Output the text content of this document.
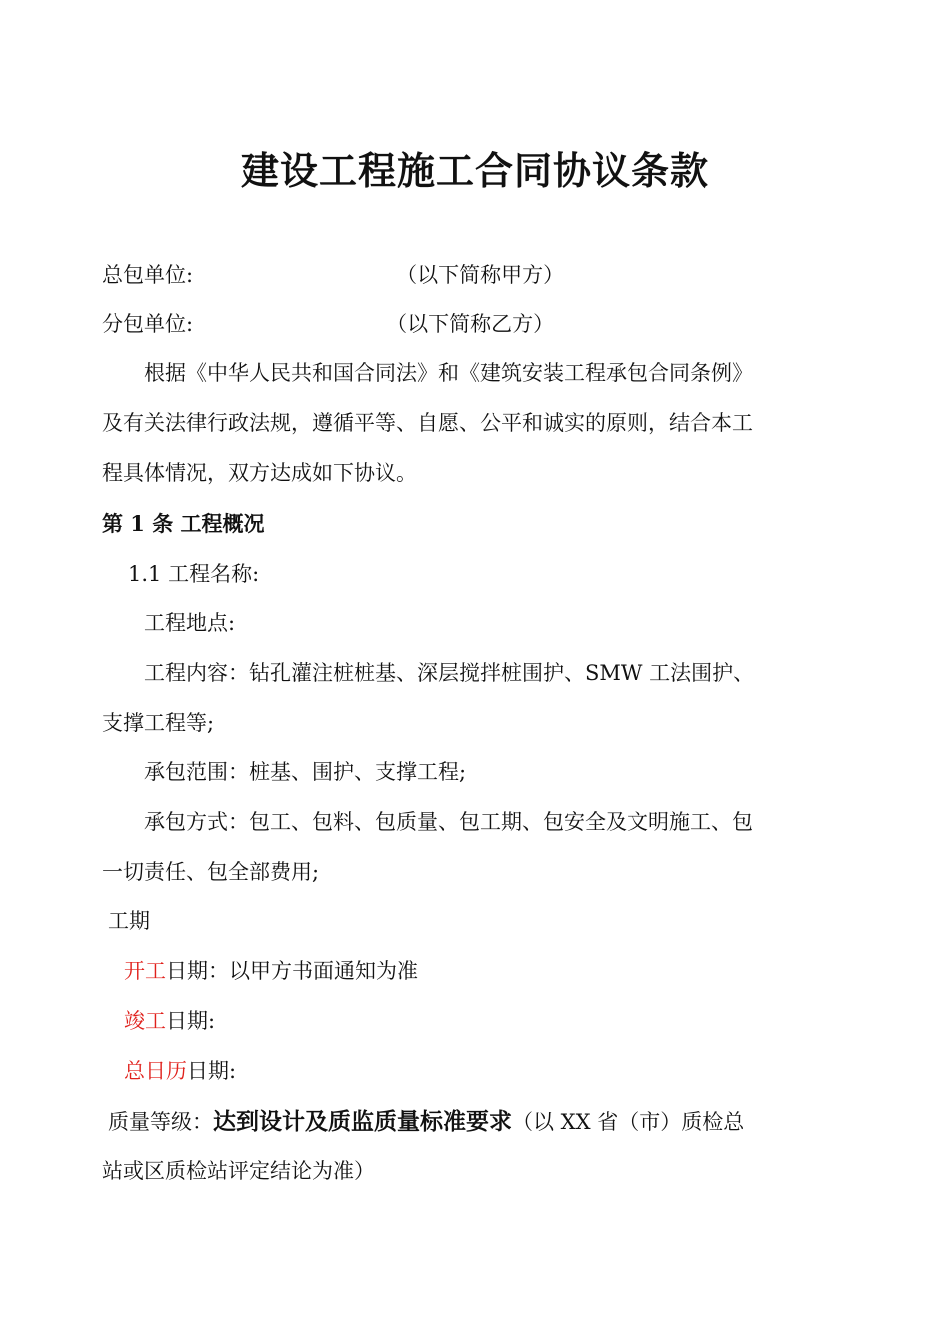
建设工程施工合同协议条款
总包单位:	（以下简称甲方）
分包单位:	（以下简称乙方）
根据《中华人民共和国合同法》和《建筑安装工程承包合同条例》
及有关法律行政法规，遵循平等、自愿、公平和诚实的原则，结合本工
程具体情况，双方达成如下协议。
第 1 条 工程概况
1.1 工程名称:
工程地点:
工程内容：钻孔灌注桩桩基、深层搅拌桩围护、SMW 工法围护、
支撑工程等;
承包范围：桩基、围护、支撑工程;
承包方式：包工、包料、包质量、包工期、包安全及文明施工、包
一切责任、包全部费用;
工期
开工日期：以甲方书面通知为准
竣工日期:
总日历日期:
质量等级：达到设计及质监质量标准要求（以 XX 省（市）质检总
站或区质检站评定结论为准）
